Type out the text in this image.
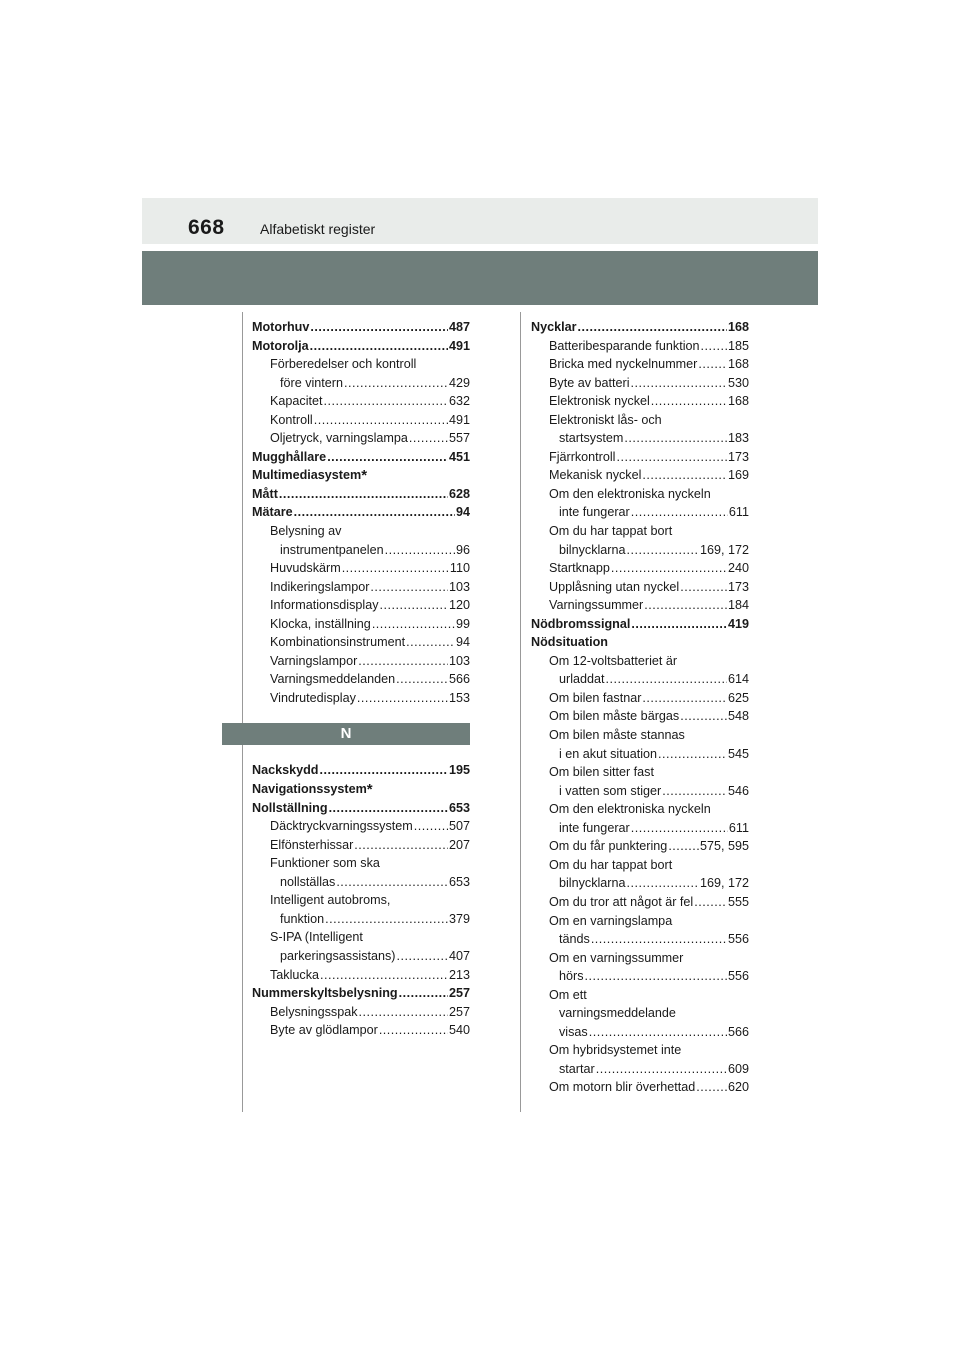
668	Alfabetiskt register
Motorhuv . . .	487
Motorolja . . .	491
Förberedelser och kontroll
före vintern . . .	429
Kapacitet . . .	632
Kontroll . . .	491
Oljetryck, varningslampa . . .	557
Mugghållare . . .	451
Multimediasystem*
Mått . . .	628
Mätare . . .	94
Belysning av
instrumentpanelen . . .	96
Huvudskärm . . .	110
Indikeringslampor . . .	103
Informationsdisplay . . .	120
Klocka, inställning . . .	99
Kombinationsinstrument . . .	94
Varningslampor . . .	103
Varningsmeddelanden . . .	566
Vindrutedisplay . . .	153
N
Nackskydd . . .	195
Navigationssystem*
Nollställning . . .	653
Däcktryckvarningssystem . . .	507
Elfönsterhissar . . .	207
Funktioner som ska
nollställas . . .	653
Intelligent autobroms,
funktion . . .	379
S-IPA (Intelligent
parkeringsassistans) . . .	407
Taklucka . . .	213
Nummerskyltsbelysning . . .	257
Belysningsspak . . .	257
Byte av glödlampor . . .	540
Nycklar . . .	168
Batteribesparande funktion . . . 185
Bricka med nyckelnummer . . . 168
Byte av batteri . . .	530
Elektronisk nyckel . . .	168
Elektroniskt lås- och
startsystem . . .	183
Fjärrkontroll . . .	173
Mekanisk nyckel . . .	169
Om den elektroniska nyckeln
inte fungerar . . .	611
Om du har tappat bort
bilnycklarna . . .	169, 172
Startknapp . . .	240
Upplåsning utan nyckel . . .	173
Varningssummer . . .	184
Nödbromssignal . . .	419
Nödsituation
Om 12-voltsbatteriet är
urladdat . . .	614
Om bilen fastnar . . .	625
Om bilen måste bärgas . . .	548
Om bilen måste stannas
i en akut situation . . .	545
Om bilen sitter fast
i vatten som stiger . . .	546
Om den elektroniska nyckeln
inte fungerar . . .	611
Om du får punktering . . .	575, 595
Om du har tappat bort
bilnycklarna . . .	169, 172
Om du tror att något är fel . . .	555
Om en varningslampa
tänds . . .	556
Om en varningssummer
hörs . . .	556
Om ett
varningsmeddelande
visas . . .	566
Om hybridsystemet inte
startar . . .	609
Om motorn blir överhettad . . .	620
